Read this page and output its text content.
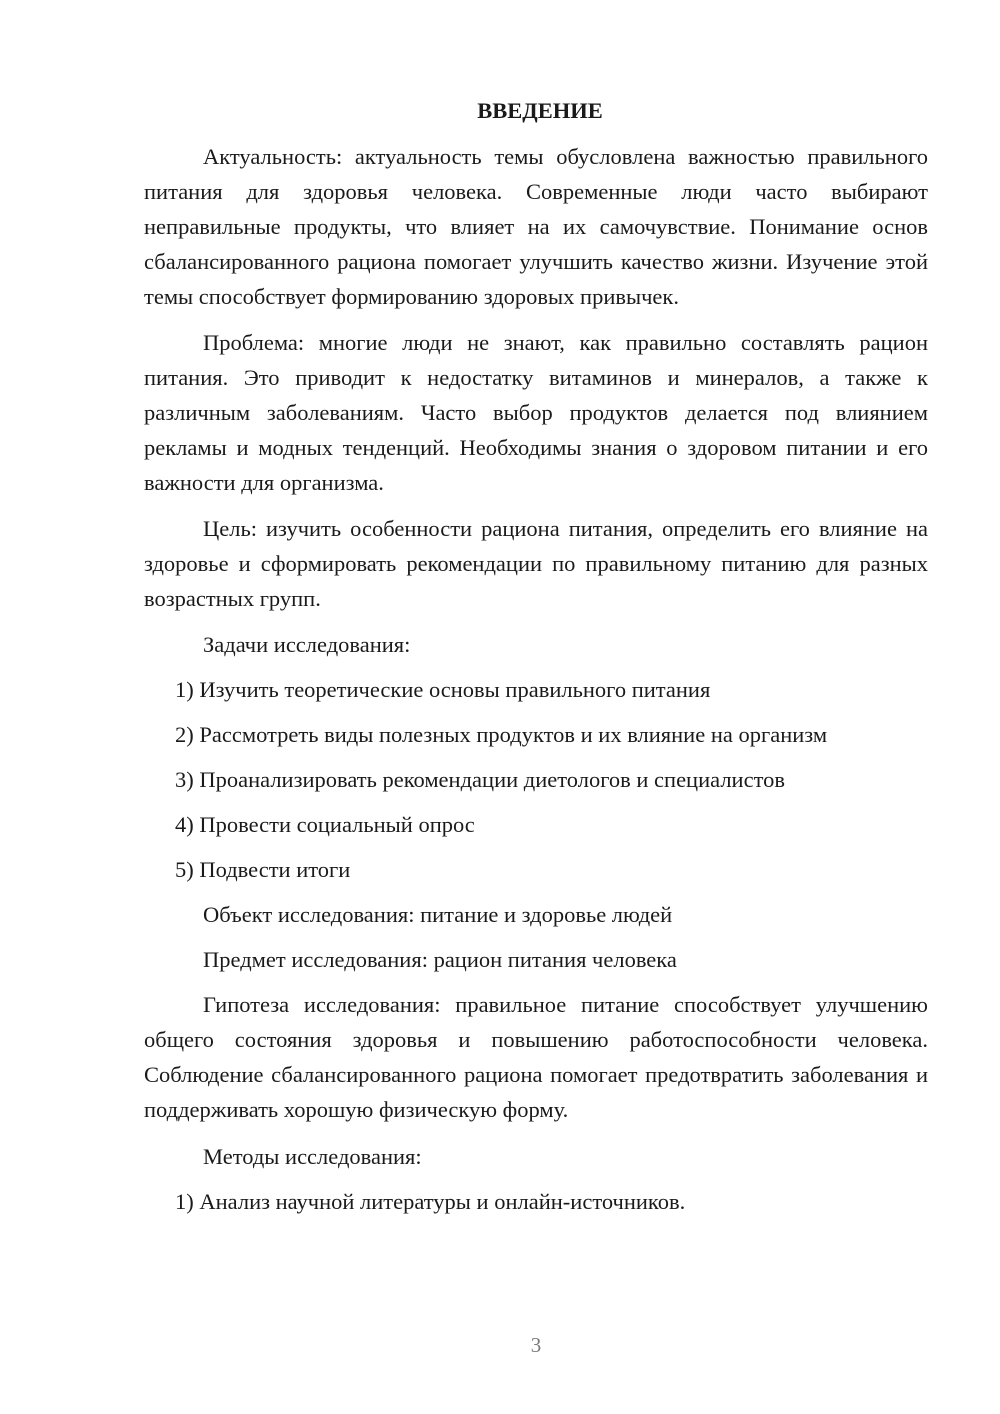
ВВЕДЕНИЕ

Актуальность: актуальность темы обусловлена важностью правильного питания для здоровья человека. Современные люди часто выбирают неправильные продукты, что влияет на их самочувствие. Понимание основ сбалансированного рациона помогает улучшить качество жизни. Изучение этой темы способствует формированию здоровых привычек.

Проблема: многие люди не знают, как правильно составлять рацион питания. Это приводит к недостатку витаминов и минералов, а также к различным заболеваниям. Часто выбор продуктов делается под влиянием рекламы и модных тенденций. Необходимы знания о здоровом питании и его важности для организма.

Цель: изучить особенности рациона питания, определить его влияние на здоровье и сформировать рекомендации по правильному питанию для разных возрастных групп.

Задачи исследования:

1) Изучить теоретические основы правильного питания

2) Рассмотреть виды полезных продуктов и их влияние на организм

3) Проанализировать рекомендации диетологов и специалистов

4) Провести социальный опрос

5) Подвести итоги

Объект исследования: питание и здоровье людей

Предмет исследования: рацион питания человека

Гипотеза исследования: правильное питание способствует улучшению общего состояния здоровья и повышению работоспособности человека. Соблюдение сбалансированного рациона помогает предотвратить заболевания и поддерживать хорошую физическую форму.

Методы исследования:

1) Анализ научной литературы и онлайн-источников.

3
